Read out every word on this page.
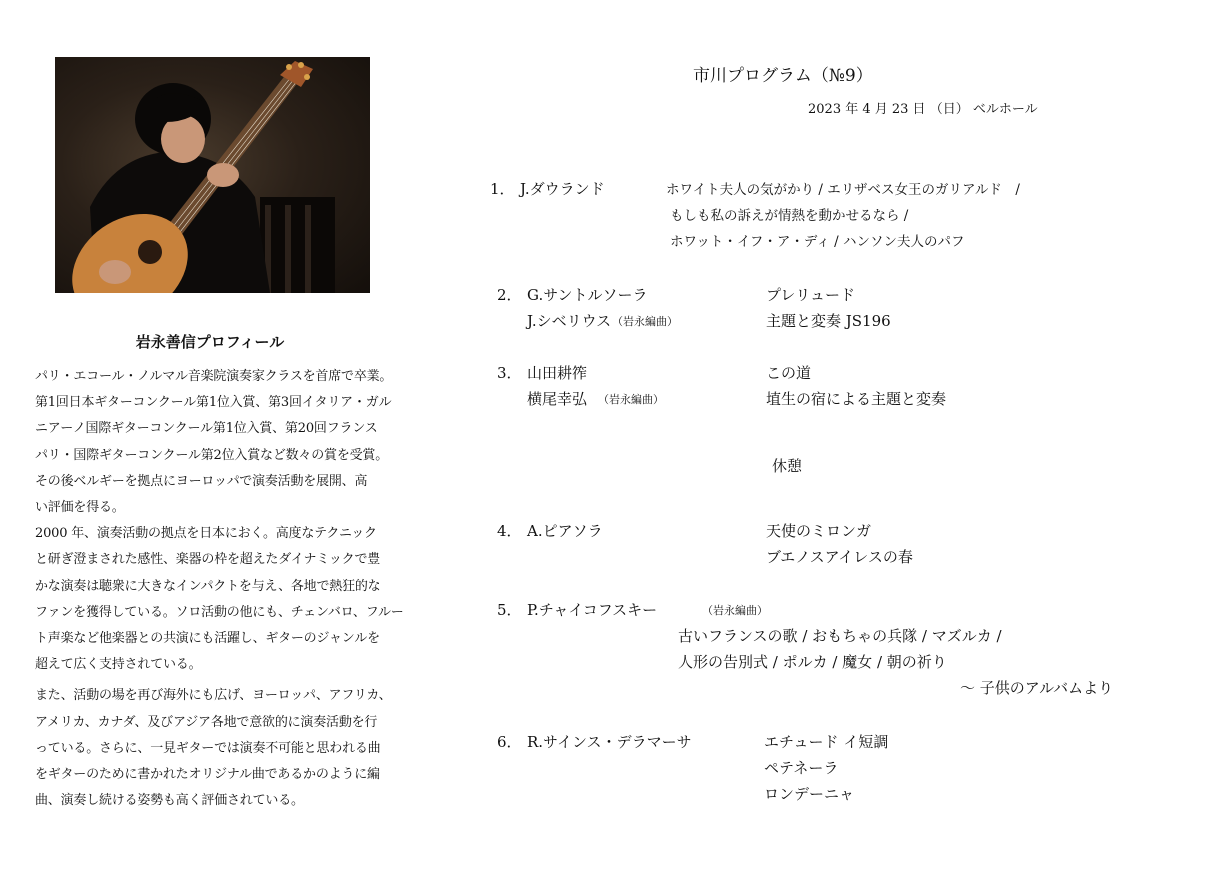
岩永善信プロフィール
パリ・エコール・ノルマル音楽院演奏家クラスを首席で卒業。
第1回日本ギターコンクール第1位入賞、第3回イタリア・ガル
ニアーノ国際ギターコンクール第1位入賞、第20回フランス
パリ・国際ギターコンクール第2位入賞など数々の賞を受賞。
その後ベルギーを拠点にヨーロッパで演奏活動を展開、高
い評価を得る。
2000 年、演奏活動の拠点を日本におく。高度なテクニック
と研ぎ澄まされた感性、楽器の枠を超えたダイナミックで豊
かな演奏は聴衆に大きなインパクトを与え、各地で熱狂的な
ファンを獲得している。ソロ活動の他にも、チェンバロ、フルー
ト声楽など他楽器との共演にも活躍し、ギターのジャンルを
超えて広く支持されている。
また、活動の場を再び海外にも広げ、ヨーロッパ、アフリカ、
アメリカ、カナダ、及びアジア各地で意欲的に演奏活動を行
っている。さらに、一見ギターでは演奏不可能と思われる曲
をギターのために書かれたオリジナル曲であるかのように編
曲、演奏し続ける姿勢も高く評価されている。
市川プログラム（№9）
2023 年 4 月 23 日 （日） ベルホール
1． J.ダウランド	ホワイト夫人の気がかり / エリザベス女王のガリアルド　/
もしも私の訴えが情熱を動かせるなら /
ホワット・イフ・ア・ディ / ハンソン夫人のパフ
2． G.サントルソーラ	プレリュード
J.シベリウス （岩永編曲）	主題と変奏 JS196
3． 山田耕筰	この道
横尾幸弘 （岩永編曲）	埴生の宿による主題と変奏
休憩
4． A.ピアソラ	天使のミロンガ
ブエノスアイレスの春
5． P.チャイコフスキー	（岩永編曲）
古いフランスの歌 / おもちゃの兵隊 / マズルカ /
人形の告別式 / ポルカ / 魔女 / 朝の祈り
～ 子供のアルバムより
6． R.サインス・デラマーサ	エチュード イ短調
ペテネーラ
ロンデーニャ
